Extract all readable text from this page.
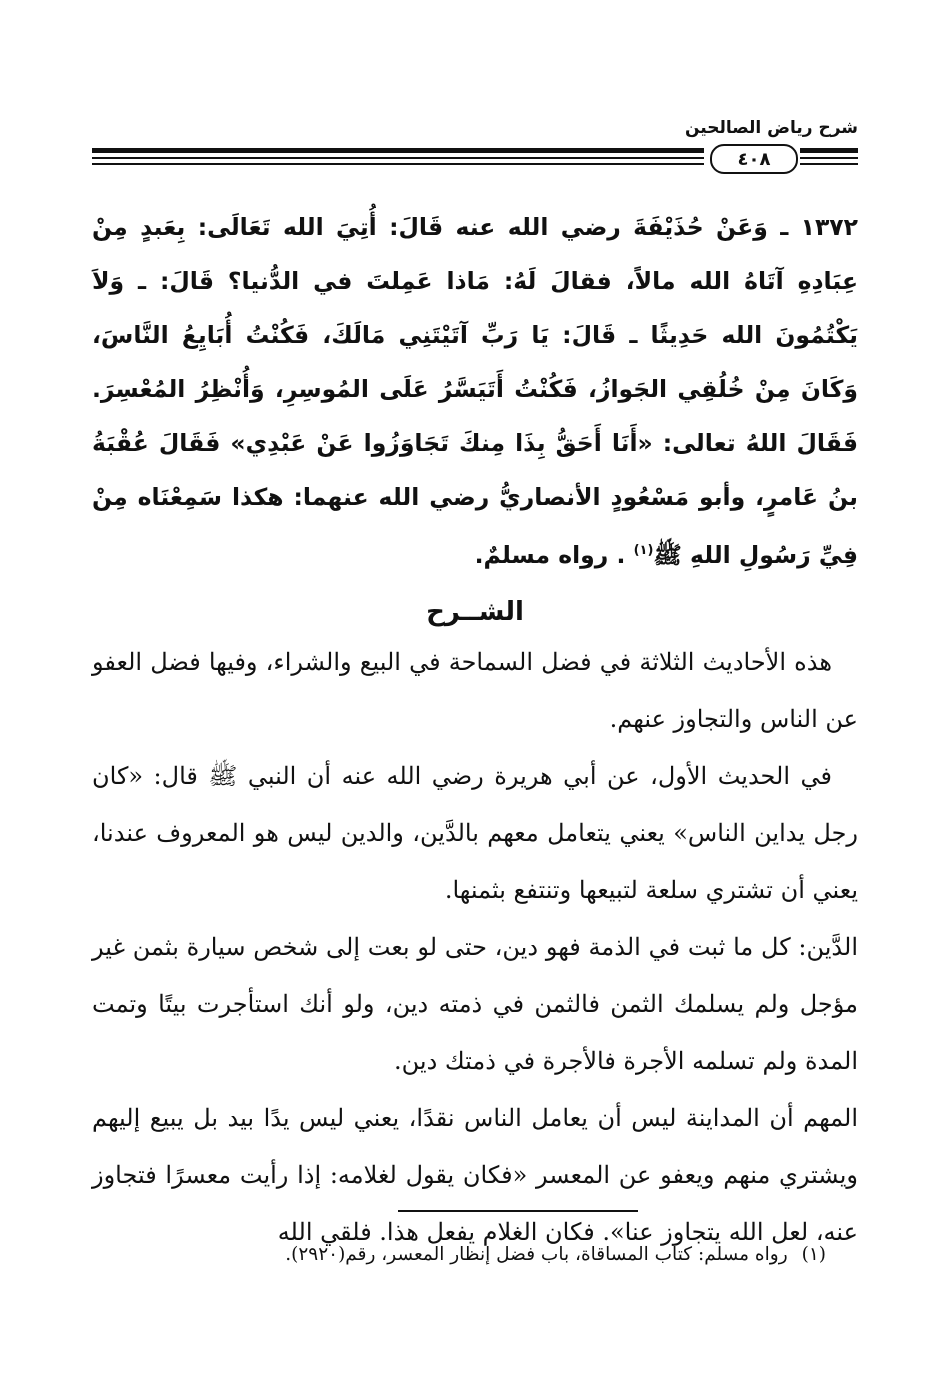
شرح رياض الصالحين
٤٠٨

١٣٧٢ ـ وَعَنْ حُذَيْفَةَ رضي الله عنه قَالَ: أُتِيَ الله تَعَالَى: بِعَبدٍ مِنْ عِبَادِهِ آتَاهُ الله مالاً، فقالَ لَهُ: مَاذا عَمِلتَ في الدُّنيا؟ قَالَ: ـ وَلاَ يَكْتُمُونَ الله حَدِيثًا ـ قَالَ: يَا رَبِّ آتَيْتَنِي مَالَكَ، فَكُنْتُ أُبَايِعُ النَّاسَ، وَكَانَ مِنْ خُلُقِي الجَوازُ، فَكُنْتُ أَتَيَسَّرُ عَلَى المُوسِرِ، وَأُنْظِرُ المُعْسِرَ. فَقَالَ اللهُ تعالى: «أَنَا أَحَقُّ بِذَا مِنكَ تَجَاوَزُوا عَنْ عَبْدِي» فَقَالَ عُقْبَةُ بنُ عَامرٍ، وأبو مَسْعُودٍ الأنصاريُّ رضي الله عنهما: هكذا سَمِعْنَاه مِنْ فِيِّ رَسُولِ اللهِ ﷺ$^{(١)}$ . رواه مسلمٌ.

الشــرح

هذه الأحاديث الثلاثة في فضل السماحة في البيع والشراء، وفيها فضل العفو عن الناس والتجاوز عنهم.

في الحديث الأول، عن أبي هريرة رضي الله عنه أن النبي ﷺ قال: «كان رجل يداين الناس» يعني يتعامل معهم بالدَّين، والدين ليس هو المعروف عندنا، يعني أن تشتري سلعة لتبيعها وتنتفع بثمنها.

الدَّين: كل ما ثبت في الذمة فهو دين، حتى لو بعت إلى شخص سيارة بثمن غير مؤجل ولم يسلمك الثمن فالثمن في ذمته دين، ولو أنك استأجرت بيتًا وتمت المدة ولم تسلمه الأجرة فالأجرة في ذمتك دين.

المهم أن المداينة ليس أن يعامل الناس نقدًا، يعني ليس يدًا بيد بل يبيع إليهم ويشتري منهم ويعفو عن المعسر «فكان يقول لغلامه: إذا رأيت معسرًا فتجاوز عنه، لعل الله يتجاوز عنا». فكان الغلام يفعل هذا. فلقي الله

(١)رواه مسلم: كتاب المساقاة، باب فضل إنظار المعسر، رقم(٢٩٢٠).
